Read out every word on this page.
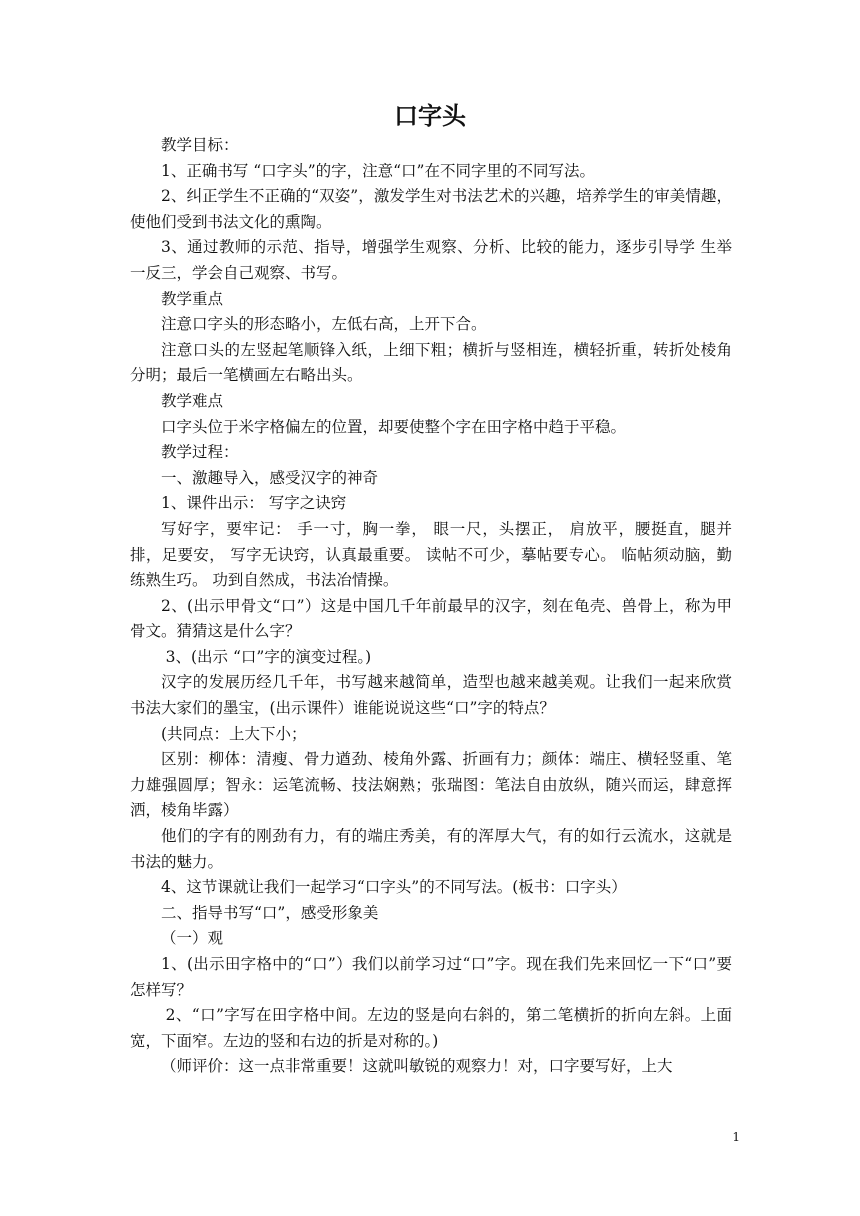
口字头

教学目标：

1、正确书写 “口字头”的字，注意“口”在不同字里的不同写法。

2、纠正学生不正确的“双姿”，激发学生对书法艺术的兴趣，培养学生的审美情趣，使他们受到书法文化的熏陶。

3、通过教师的示范、指导，增强学生观察、分析、比较的能力，逐步引导学 生举一反三，学会自己观察、书写。

教学重点

注意口字头的形态略小，左低右高，上开下合。

注意口头的左竖起笔顺锋入纸，上细下粗；横折与竖相连，横轻折重，转折处棱角分明；最后一笔横画左右略出头。

教学难点

口字头位于米字格偏左的位置，却要使整个字在田字格中趋于平稳。

教学过程：

一、激趣导入，感受汉字的神奇

1、课件出示： 写字之诀窍

写好字，要牢记： 手一寸，胸一拳， 眼一尺，头摆正， 肩放平，腰挺直，腿并排，足要安， 写字无诀窍，认真最重要。 读帖不可少，摹帖要专心。 临帖须动脑，勤练熟生巧。 功到自然成，书法冶情操。

2、(出示甲骨文“口”）这是中国几千年前最早的汉字，刻在龟壳、兽骨上，称为甲骨文。猜猜这是什么字？

3、(出示 “口”字的演变过程。)

汉字的发展历经几千年，书写越来越简单，造型也越来越美观。让我们一起来欣赏书法大家们的墨宝，(出示课件）谁能说说这些“口”字的特点？

(共同点：上大下小；

区别：柳体：清瘦、骨力遒劲、棱角外露、折画有力；颜体：端庄、横轻竖重、笔力雄强圆厚；智永：运笔流畅、技法娴熟；张瑞图：笔法自由放纵，随兴而运，肆意挥洒，棱角毕露）

他们的字有的刚劲有力，有的端庄秀美，有的浑厚大气，有的如行云流水，这就是书法的魅力。

4、这节课就让我们一起学习“口字头”的不同写法。(板书：口字头）

二、指导书写“口”，感受形象美

（一）观

1、(出示田字格中的“口”）我们以前学习过“口”字。现在我们先来回忆一下“口”要怎样写？

2、“口”字写在田字格中间。左边的竖是向右斜的，第二笔横折的折向左斜。上面宽，下面窄。左边的竖和右边的折是对称的。)

（师评价：这一点非常重要！这就叫敏锐的观察力！对，口字要写好，上大

1
